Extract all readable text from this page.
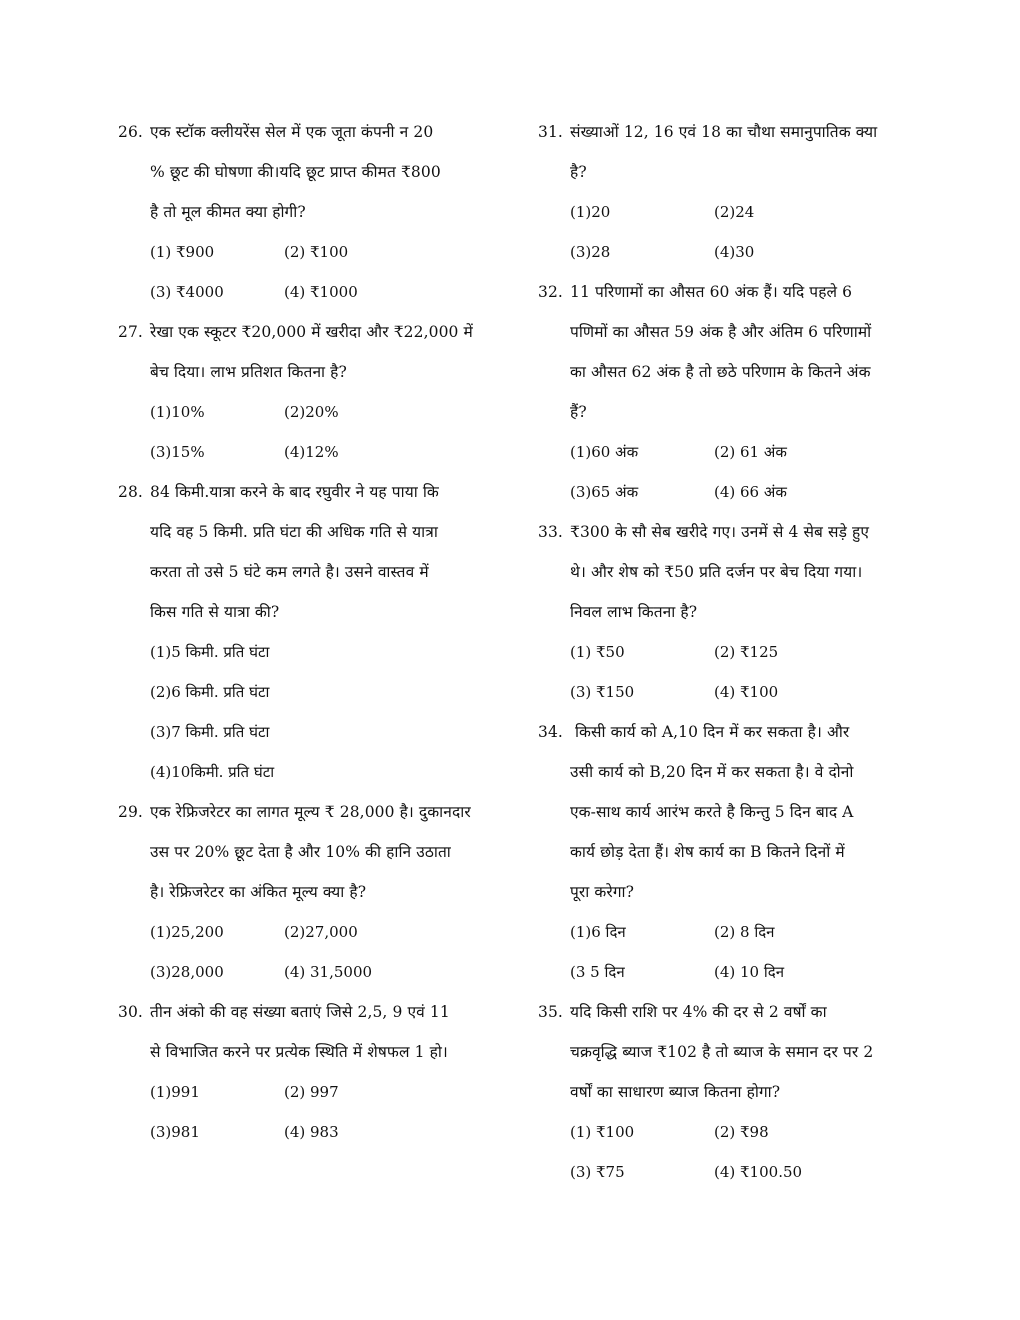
26. एक स्टॉक क्लीयरेंस सेल में एक जूता कंपनी न 20
% छूट की घोषणा की।यदि छूट प्राप्त कीमत ₹800
है तो मूल कीमत क्या होगी?
(1) ₹900	(2) ₹100
(3) ₹4000	(4) ₹1000
27. रेखा एक स्कूटर ₹20,000 में खरीदा और ₹22,000 में
बेच दिया। लाभ प्रतिशत कितना है?
(1)10%	(2)20%
(3)15%	(4)12%
28. 84 किमी.यात्रा करने के बाद रघुवीर ने यह पाया कि
यदि वह 5 किमी. प्रति घंटा की अधिक गति से यात्रा
करता तो उसे 5 घंटे कम लगते है। उसने वास्तव में
किस गति से यात्रा की?
(1)5 किमी. प्रति घंटा
(2)6 किमी. प्रति घंटा
(3)7 किमी. प्रति घंटा
(4)10किमी. प्रति घंटा
29. एक रेफ्रिजरेटर का लागत मूल्य ₹ 28,000 है। दुकानदार
उस पर 20% छूट देता है और 10% की हानि उठाता
है। रेफ्रिजरेटर का अंकित मूल्य क्या है?
(1)25,200	(2)27,000
(3)28,000	(4) 31,5000
30. तीन अंको की वह संख्या बताएं जिसे 2,5, 9 एवं 11
से विभाजित करने पर प्रत्येक स्थिति में शेषफल 1 हो।
(1)991	(2) 997
(3)981	(4) 983
31. संख्याओं 12, 16 एवं 18 का चौथा समानुपातिक क्या
है?
(1)20	(2)24
(3)28	(4)30
32. 11 परिणामों का औसत 60 अंक हैं। यदि पहले 6
पणिमों का औसत 59 अंक है और अंतिम 6 परिणामों
का औसत 62 अंक है तो छठे परिणाम के कितने अंक
हैं?
(1)60 अंक	(2) 61 अंक
(3)65 अंक	(4) 66 अंक
33. ₹300 के सौ सेब खरीदे गए। उनमें से 4 सेब सड़े हुए
थे। और शेष को ₹50 प्रति दर्जन पर बेच दिया गया।
निवल लाभ कितना है?
(1) ₹50	(2) ₹125
(3) ₹150	(4) ₹100
34. किसी कार्य को A,10 दिन में कर सकता है। और
उसी कार्य को B,20 दिन में कर सकता है। वे दोनो
एक-साथ कार्य आरंभ करते है किन्तु 5 दिन बाद A
कार्य छोड़ देता हैं। शेष कार्य का B कितने दिनों में
पूरा करेगा?
(1)6 दिन	(2) 8 दिन
(3 5 दिन	(4) 10 दिन
35. यदि किसी राशि पर 4% की दर से 2 वर्षों का
चक्रवृद्धि ब्याज ₹102 है तो ब्याज के समान दर पर 2
वर्षों का साधारण ब्याज कितना होगा?
(1) ₹100	(2) ₹98
(3) ₹75	(4) ₹100.50
